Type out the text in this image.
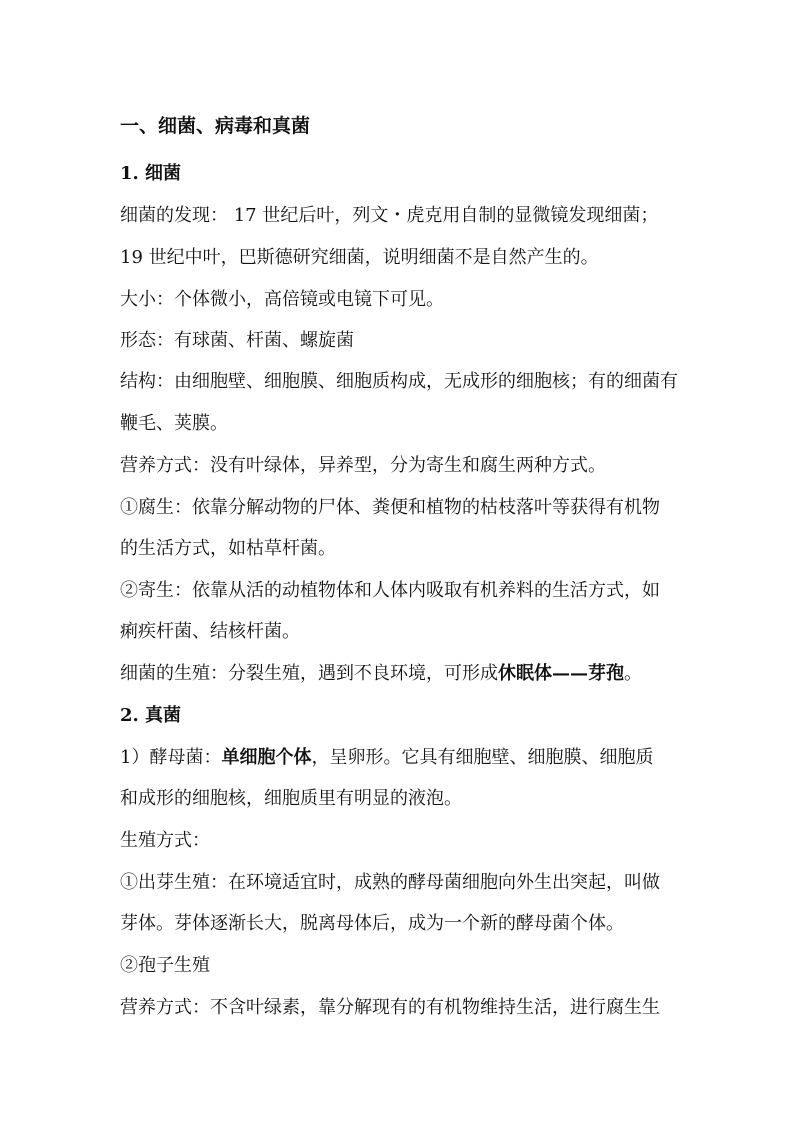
一、细菌、病毒和真菌
1. 细菌
细菌的发现： 17 世纪后叶，列文・虎克用自制的显微镜发现细菌；
19 世纪中叶，巴斯德研究细菌，说明细菌不是自然产生的。
大小：个体微小，高倍镜或电镜下可见。
形态：有球菌、杆菌、螺旋菌
结构：由细胞壁、细胞膜、细胞质构成，无成形的细胞核；有的细菌有
鞭毛、荚膜。
营养方式：没有叶绿体，异养型，分为寄生和腐生两种方式。
①腐生：依靠分解动物的尸体、粪便和植物的枯枝落叶等获得有机物
的生活方式，如枯草杆菌。
②寄生：依靠从活的动植物体和人体内吸取有机养料的生活方式，如
痢疾杆菌、结核杆菌。
细菌的生殖：分裂生殖，遇到不良环境，可形成休眠体——芽孢。
2. 真菌
1）酵母菌：单细胞个体，呈卵形。它具有细胞壁、细胞膜、细胞质
和成形的细胞核，细胞质里有明显的液泡。
生殖方式：
①出芽生殖：在环境适宜时，成熟的酵母菌细胞向外生出突起，叫做
芽体。芽体逐渐长大，脱离母体后，成为一个新的酵母菌个体。
②孢子生殖
营养方式：不含叶绿素，靠分解现有的有机物维持生活，进行腐生生
